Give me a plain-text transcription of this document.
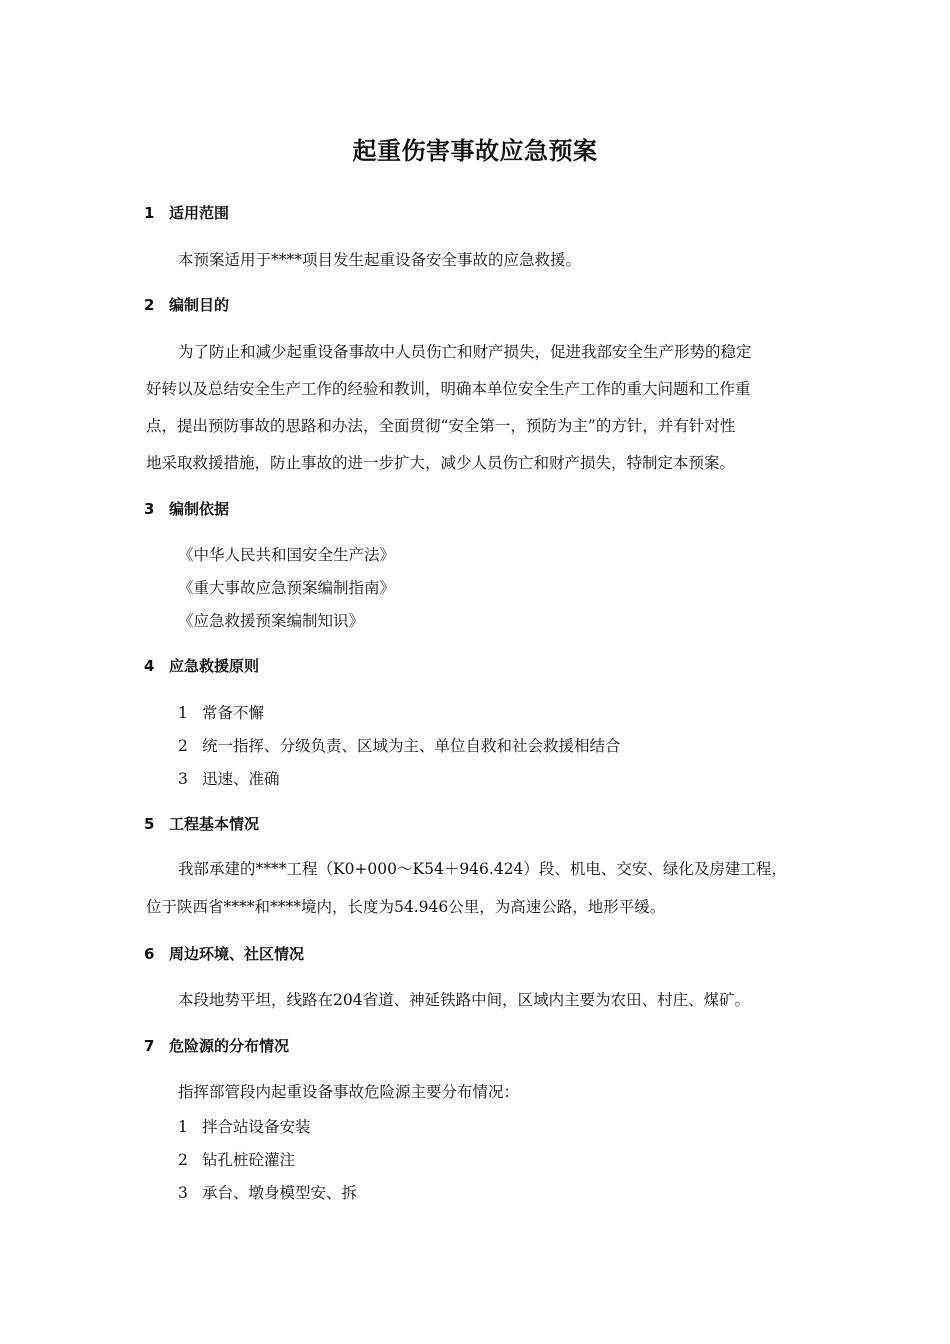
起重伤害事故应急预案
1 适用范围
本预案适用于****项目发生起重设备安全事故的应急救援。
2 编制目的
为了防止和减少起重设备事故中人员伤亡和财产损失，促进我部安全生产形势的稳定
好转以及总结安全生产工作的经验和教训，明确本单位安全生产工作的重大问题和工作重
点，提出预防事故的思路和办法，全面贯彻“安全第一，预防为主”的方针，并有针对性
地采取救援措施，防止事故的进一步扩大，减少人员伤亡和财产损失，特制定本预案。
3 编制依据
《中华人民共和国安全生产法》
《重大事故应急预案编制指南》
《应急救援预案编制知识》
4 应急救援原则
1 常备不懈
2 统一指挥、分级负责、区域为主、单位自救和社会救援相结合
3 迅速、准确
5 工程基本情况
我部承建的****工程（K0+000～K54＋946.424）段、机电、交安、绿化及房建工程，
位于陕西省****和****境内，长度为54.946公里，为高速公路，地形平缓。
6 周边环境、社区情况
本段地势平坦，线路在204省道、神延铁路中间，区域内主要为农田、村庄、煤矿。
7 危险源的分布情况
指挥部管段内起重设备事故危险源主要分布情况：
1 拌合站设备安装
2 钻孔桩砼灌注
3 承台、墩身模型安、拆
